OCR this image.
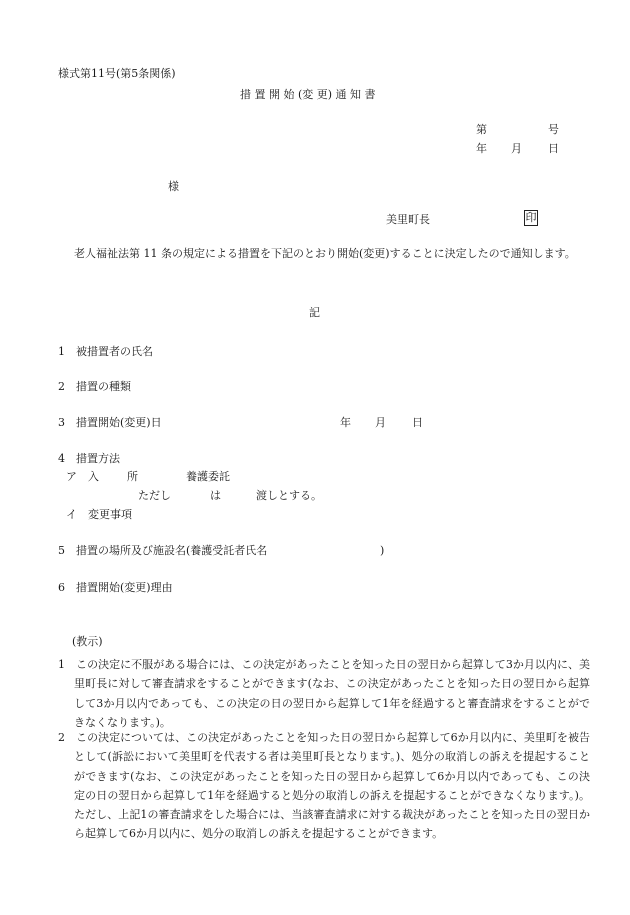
様式第11号(第5条関係)
措 置 開 始 (変 更) 通 知 書
第	号
年 月 日
様
美里町長	印
老人福祉法第 11 条の規定による措置を下記のとおり開始(変更)することに決定したので通知します。
記
1　被措置者の氏名
2　措置の種類
3　措置開始(変更)日	年 月 日
4　措置方法
ア　入	所	養護委託
ただし	は	渡しとする。
イ　変更事項
5　措置の場所及び施設名(養護受託者氏名	)
6　措置開始(変更)理由
(教示)
1　この決定に不服がある場合には、この決定があったことを知った日の翌日から起算して3か月以内に、美里町長に対して審査請求をすることができます(なお、この決定があったことを知った日の翌日から起算して3か月以内であっても、この決定の日の翌日から起算して1年を経過すると審査請求をすることができなくなります。)。
2　この決定については、この決定があったことを知った日の翌日から起算して6か月以内に、美里町を被告として(訴訟において美里町を代表する者は美里町長となります。)、処分の取消しの訴えを提起することができます(なお、この決定があったことを知った日の翌日から起算して6か月以内であっても、この決定の日の翌日から起算して1年を経過すると処分の取消しの訴えを提起することができなくなります。)。ただし、上記1の審査請求をした場合には、当該審査請求に対する裁決があったことを知った日の翌日から起算して6か月以内に、処分の取消しの訴えを提起することができます。
